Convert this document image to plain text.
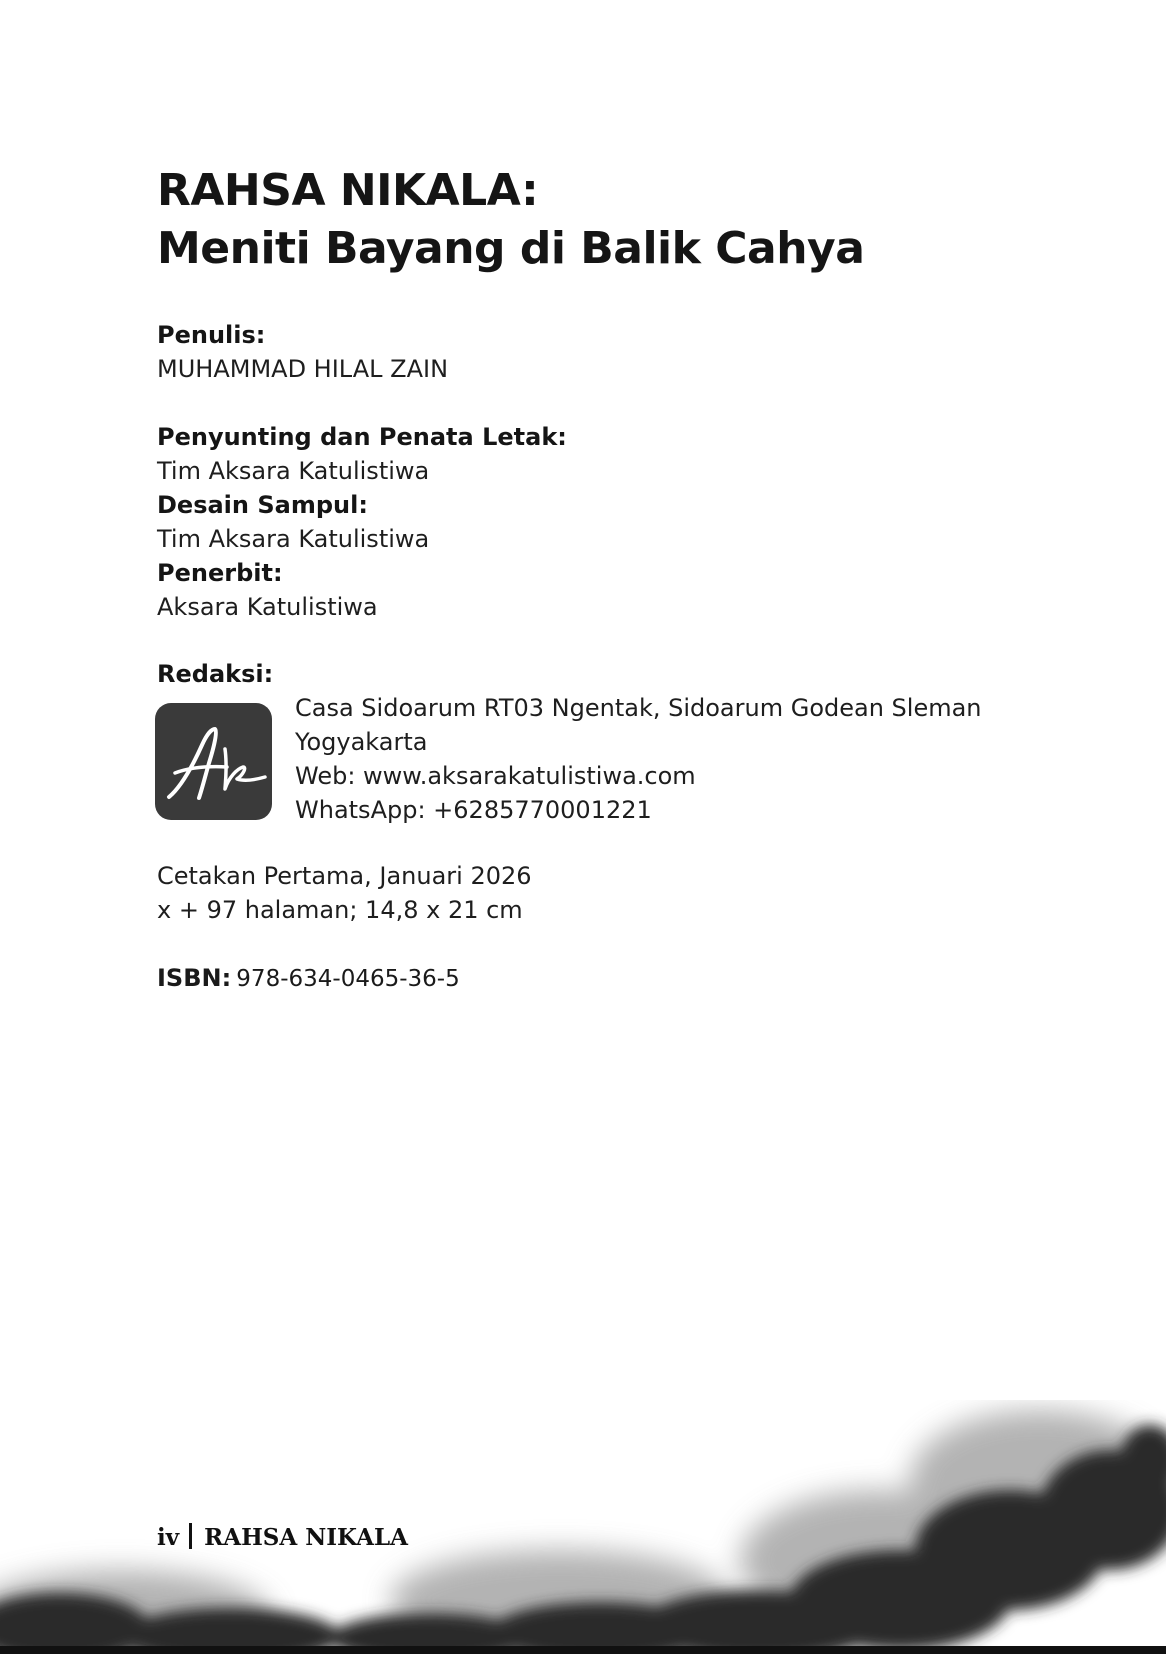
RAHSA NIKALA:
Meniti Bayang di Balik Cahya
Penulis:
MUHAMMAD HILAL ZAIN
Penyunting dan Penata Letak:
Tim Aksara Katulistiwa
Desain Sampul:
Tim Aksara Katulistiwa
Penerbit:
Aksara Katulistiwa
Redaksi:
Casa Sidoarum RT03 Ngentak, Sidoarum Godean Sleman
Yogyakarta
Web: www.aksarakatulistiwa.com
WhatsApp: +6285770001221
Cetakan Pertama, Januari 2026
x + 97 halaman; 14,8 x 21 cm
ISBN: 978-634-0465-36-5
iv RAHSA NIKALA
